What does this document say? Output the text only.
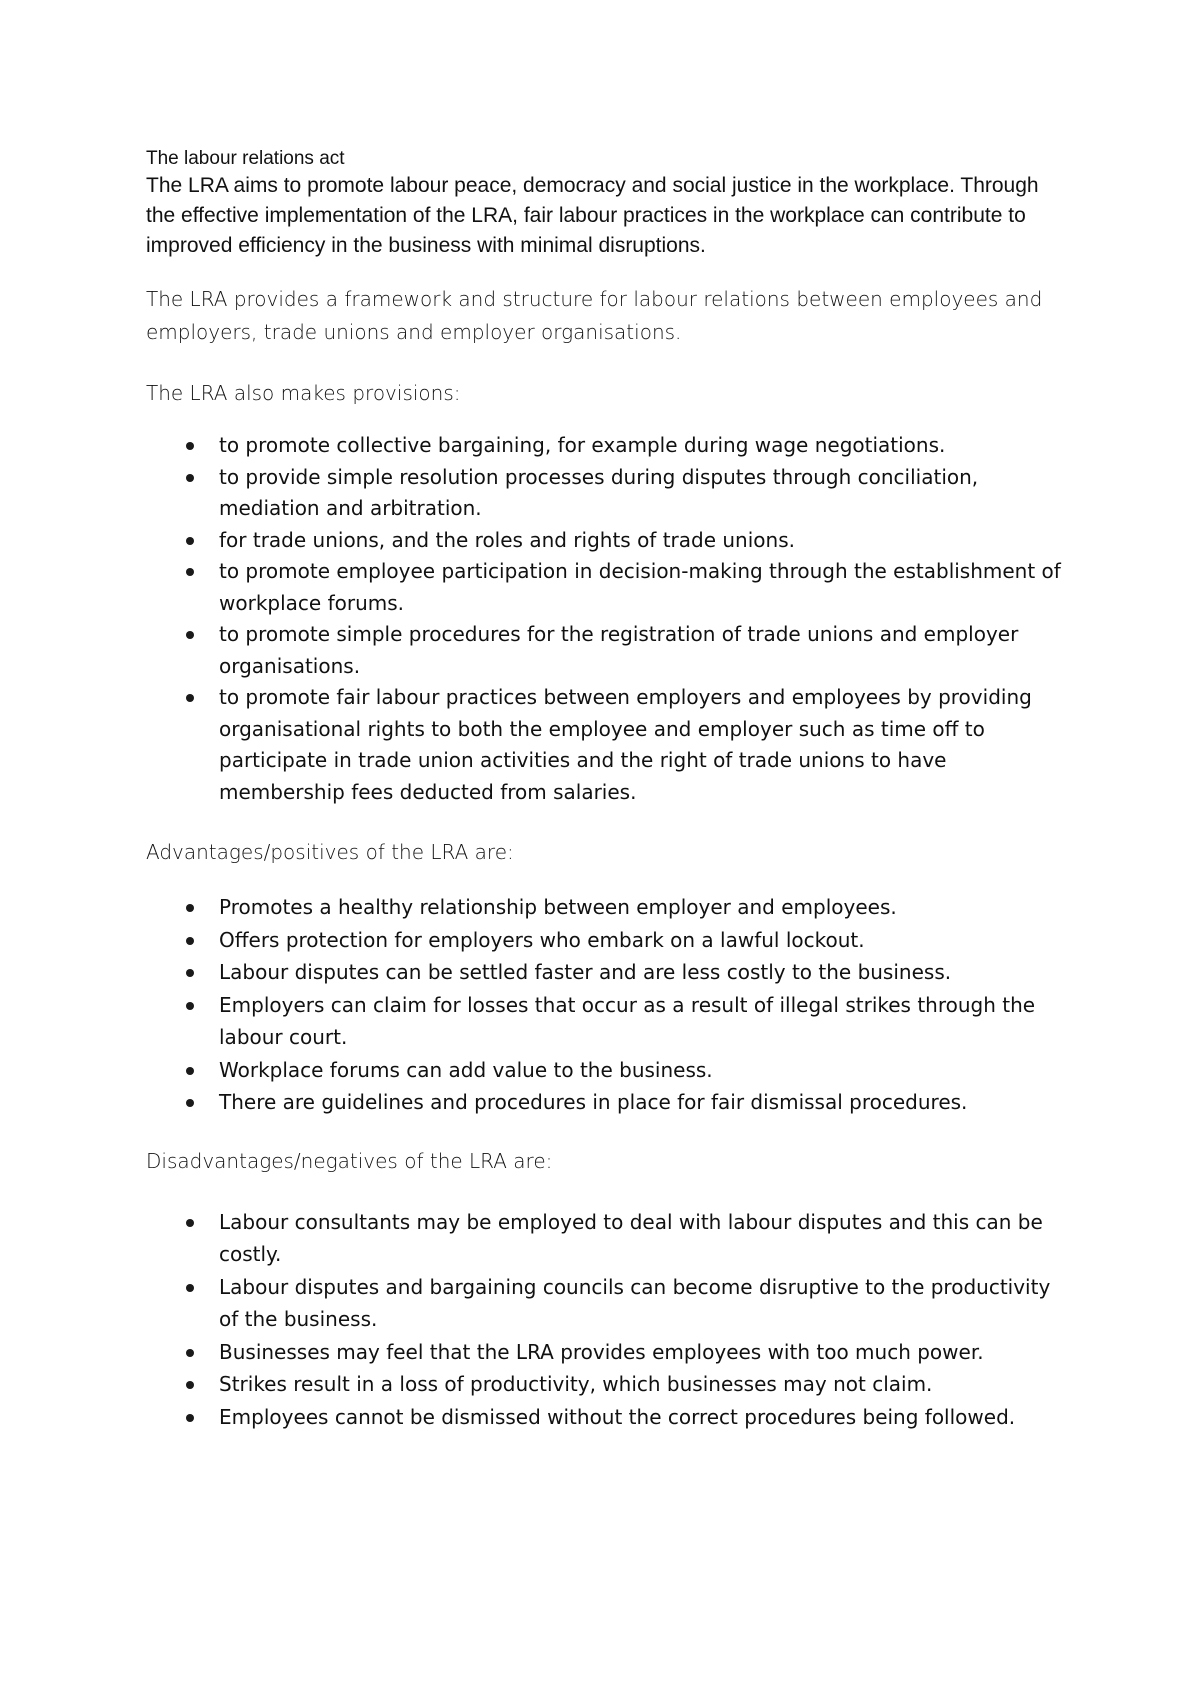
The labour relations act

The LRA aims to promote labour peace, democracy and social justice in the workplace. Through the effective implementation of the LRA, fair labour practices in the workplace can contribute to improved efficiency in the business with minimal disruptions.

The LRA provides a framework and structure for labour relations between employees and employers, trade unions and employer organisations.

The LRA also makes provisions:

to promote collective bargaining, for example during wage negotiations.
to provide simple resolution processes during disputes through conciliation, mediation and arbitration.
for trade unions, and the roles and rights of trade unions.
to promote employee participation in decision-making through the establishment of workplace forums.
to promote simple procedures for the registration of trade unions and employer organisations.
to promote fair labour practices between employers and employees by providing organisational rights to both the employee and employer such as time off to participate in trade union activities and the right of trade unions to have membership fees deducted from salaries.

Advantages/positives of the LRA are:

Promotes a healthy relationship between employer and employees.
Offers protection for employers who embark on a lawful lockout.
Labour disputes can be settled faster and are less costly to the business.
Employers can claim for losses that occur as a result of illegal strikes through the labour court.
Workplace forums can add value to the business.
There are guidelines and procedures in place for fair dismissal procedures.

Disadvantages/negatives of the LRA are:

Labour consultants may be employed to deal with labour disputes and this can be costly.
Labour disputes and bargaining councils can become disruptive to the productivity of the business.
Businesses may feel that the LRA provides employees with too much power.
Strikes result in a loss of productivity, which businesses may not claim.
Employees cannot be dismissed without the correct procedures being followed.
